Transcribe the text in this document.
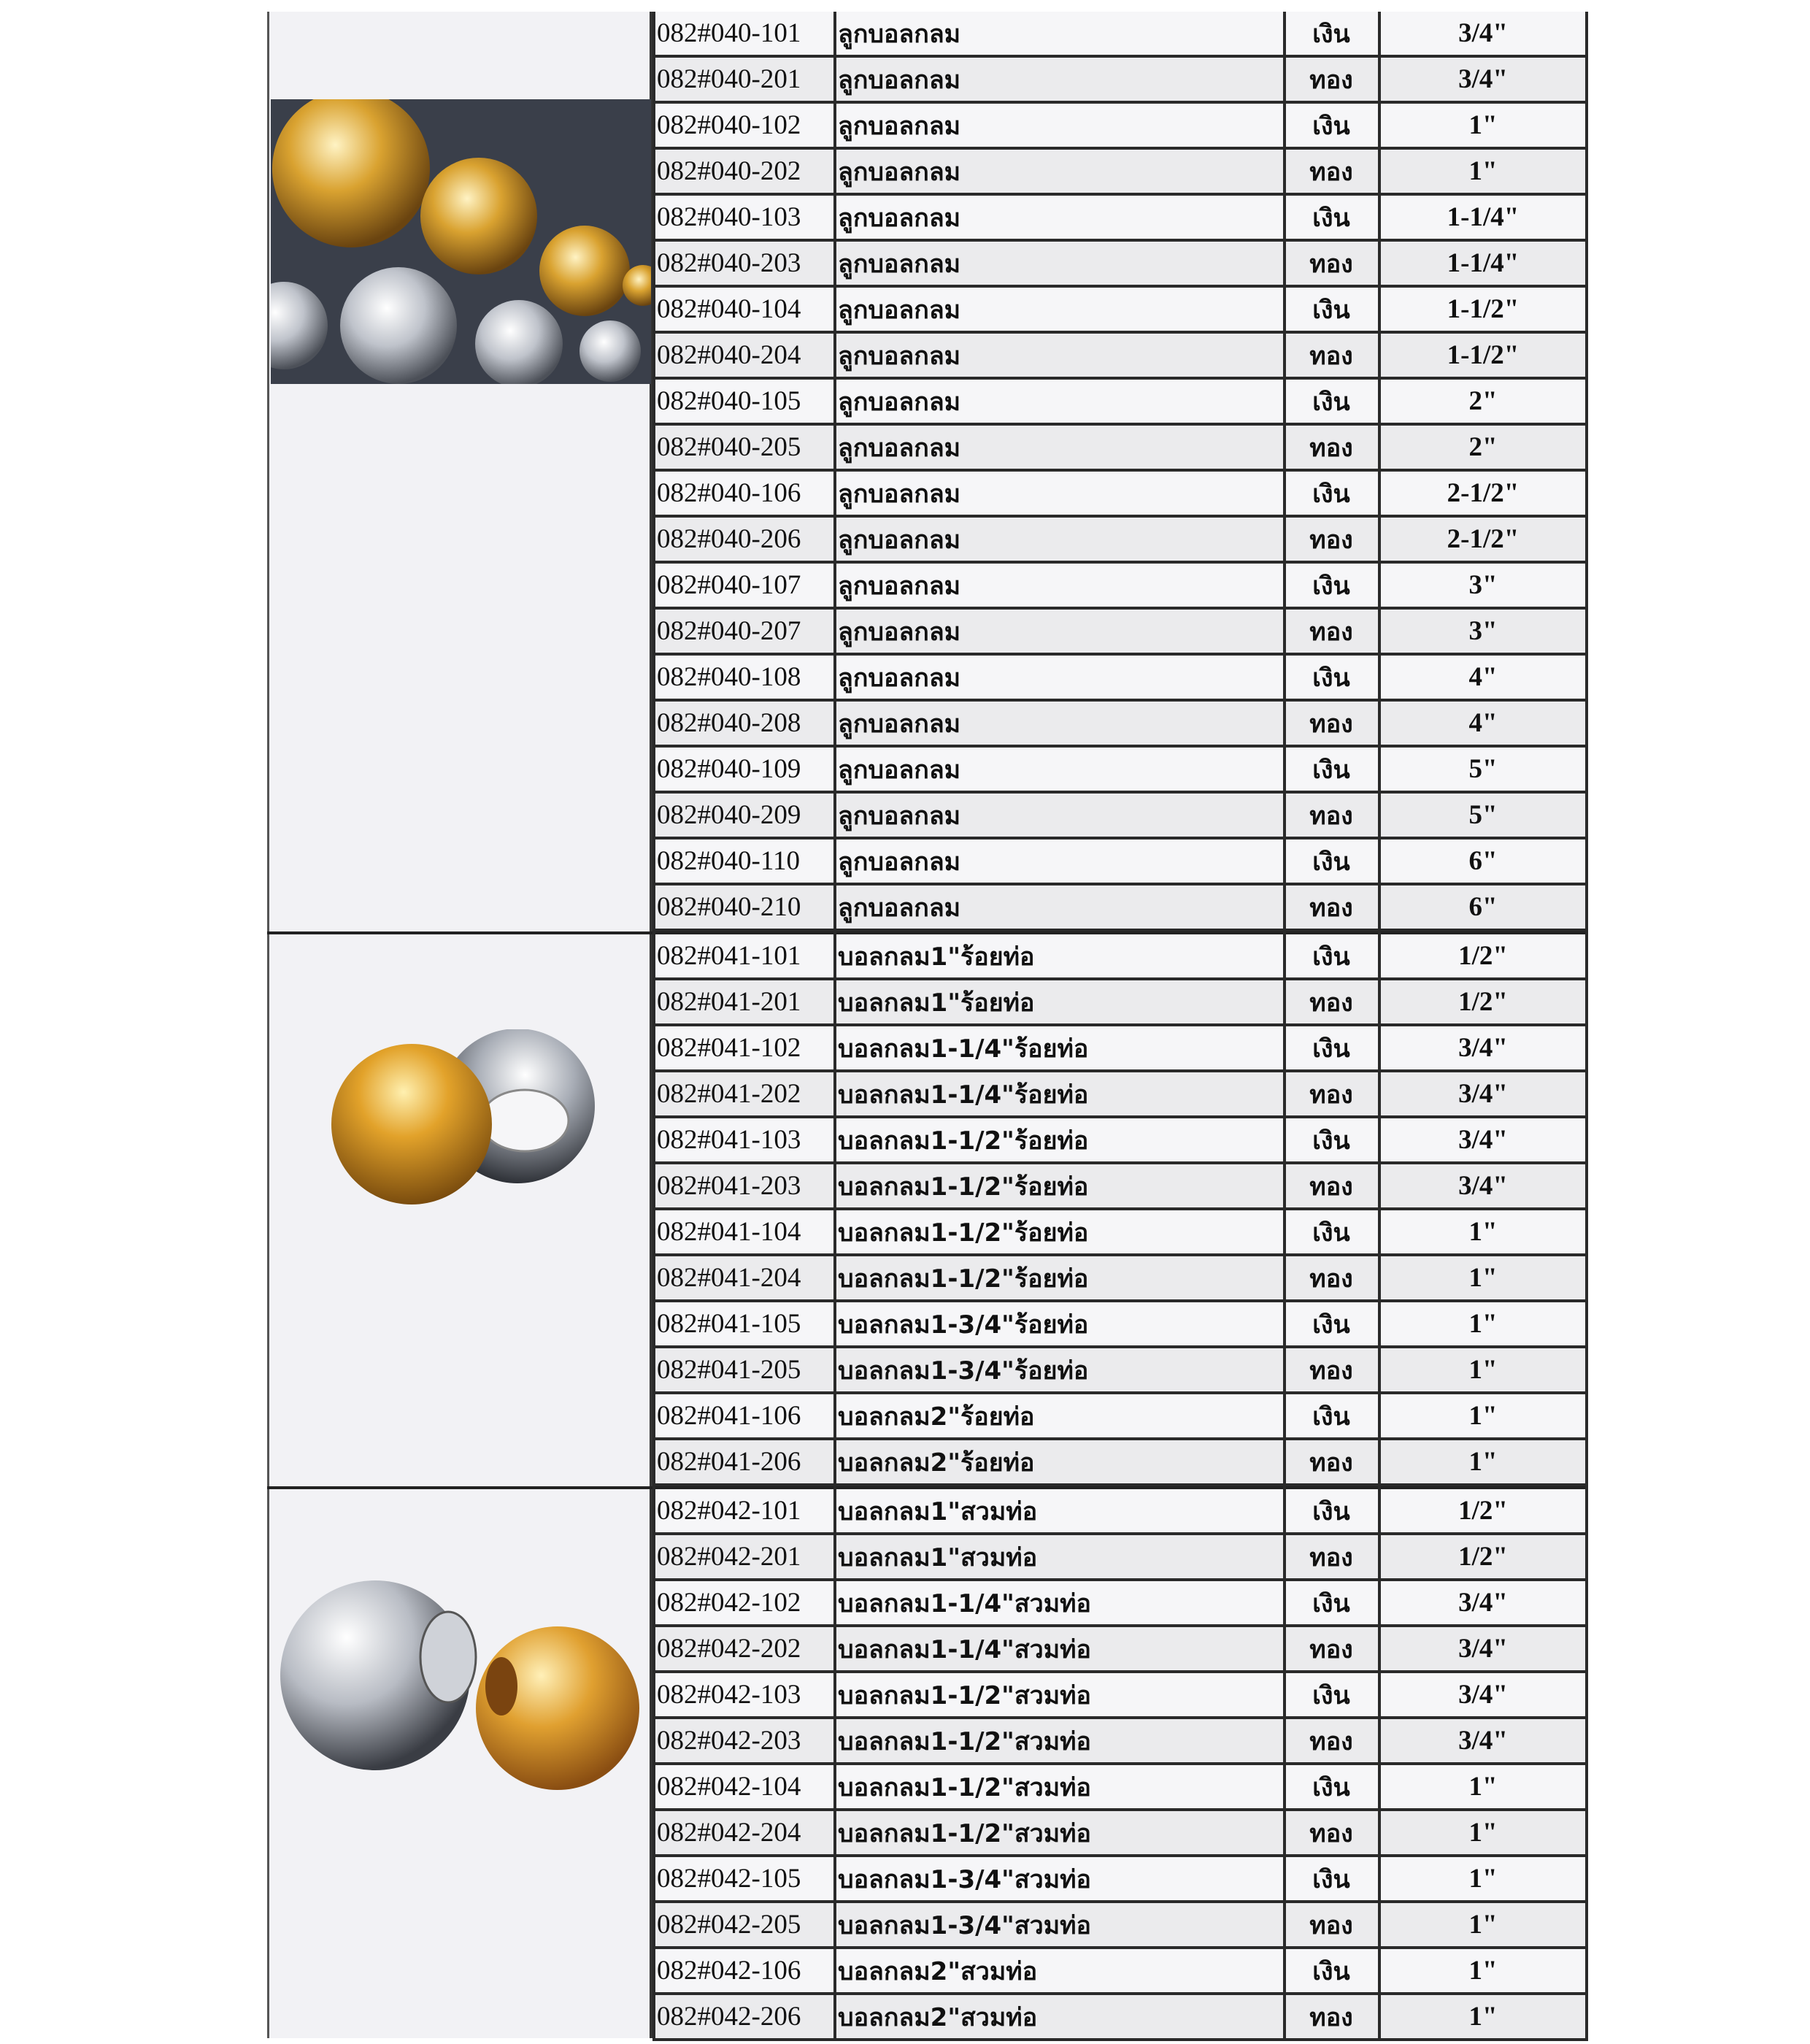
082#040-101	ลูกบอลกลม	เงิน	3/4"
082#040-201	ลูกบอลกลม	ทอง	3/4"
082#040-102	ลูกบอลกลม	เงิน	1"
082#040-202	ลูกบอลกลม	ทอง	1"
082#040-103	ลูกบอลกลม	เงิน	1-1/4"
082#040-203	ลูกบอลกลม	ทอง	1-1/4"
082#040-104	ลูกบอลกลม	เงิน	1-1/2"
082#040-204	ลูกบอลกลม	ทอง	1-1/2"
082#040-105	ลูกบอลกลม	เงิน	2"
082#040-205	ลูกบอลกลม	ทอง	2"
082#040-106	ลูกบอลกลม	เงิน	2-1/2"
082#040-206	ลูกบอลกลม	ทอง	2-1/2"
082#040-107	ลูกบอลกลม	เงิน	3"
082#040-207	ลูกบอลกลม	ทอง	3"
082#040-108	ลูกบอลกลม	เงิน	4"
082#040-208	ลูกบอลกลม	ทอง	4"
082#040-109	ลูกบอลกลม	เงิน	5"
082#040-209	ลูกบอลกลม	ทอง	5"
082#040-110	ลูกบอลกลม	เงิน	6"
082#040-210	ลูกบอลกลม	ทอง	6"
082#041-101	บอลกลม1"ร้อยท่อ	เงิน	1/2"
082#041-201	บอลกลม1"ร้อยท่อ	ทอง	1/2"
082#041-102	บอลกลม1-1/4"ร้อยท่อ	เงิน	3/4"
082#041-202	บอลกลม1-1/4"ร้อยท่อ	ทอง	3/4"
082#041-103	บอลกลม1-1/2"ร้อยท่อ	เงิน	3/4"
082#041-203	บอลกลม1-1/2"ร้อยท่อ	ทอง	3/4"
082#041-104	บอลกลม1-1/2"ร้อยท่อ	เงิน	1"
082#041-204	บอลกลม1-1/2"ร้อยท่อ	ทอง	1"
082#041-105	บอลกลม1-3/4"ร้อยท่อ	เงิน	1"
082#041-205	บอลกลม1-3/4"ร้อยท่อ	ทอง	1"
082#041-106	บอลกลม2"ร้อยท่อ	เงิน	1"
082#041-206	บอลกลม2"ร้อยท่อ	ทอง	1"
082#042-101	บอลกลม1"สวมท่อ	เงิน	1/2"
082#042-201	บอลกลม1"สวมท่อ	ทอง	1/2"
082#042-102	บอลกลม1-1/4"สวมท่อ	เงิน	3/4"
082#042-202	บอลกลม1-1/4"สวมท่อ	ทอง	3/4"
082#042-103	บอลกลม1-1/2"สวมท่อ	เงิน	3/4"
082#042-203	บอลกลม1-1/2"สวมท่อ	ทอง	3/4"
082#042-104	บอลกลม1-1/2"สวมท่อ	เงิน	1"
082#042-204	บอลกลม1-1/2"สวมท่อ	ทอง	1"
082#042-105	บอลกลม1-3/4"สวมท่อ	เงิน	1"
082#042-205	บอลกลม1-3/4"สวมท่อ	ทอง	1"
082#042-106	บอลกลม2"สวมท่อ	เงิน	1"
082#042-206	บอลกลม2"สวมท่อ	ทอง	1"
